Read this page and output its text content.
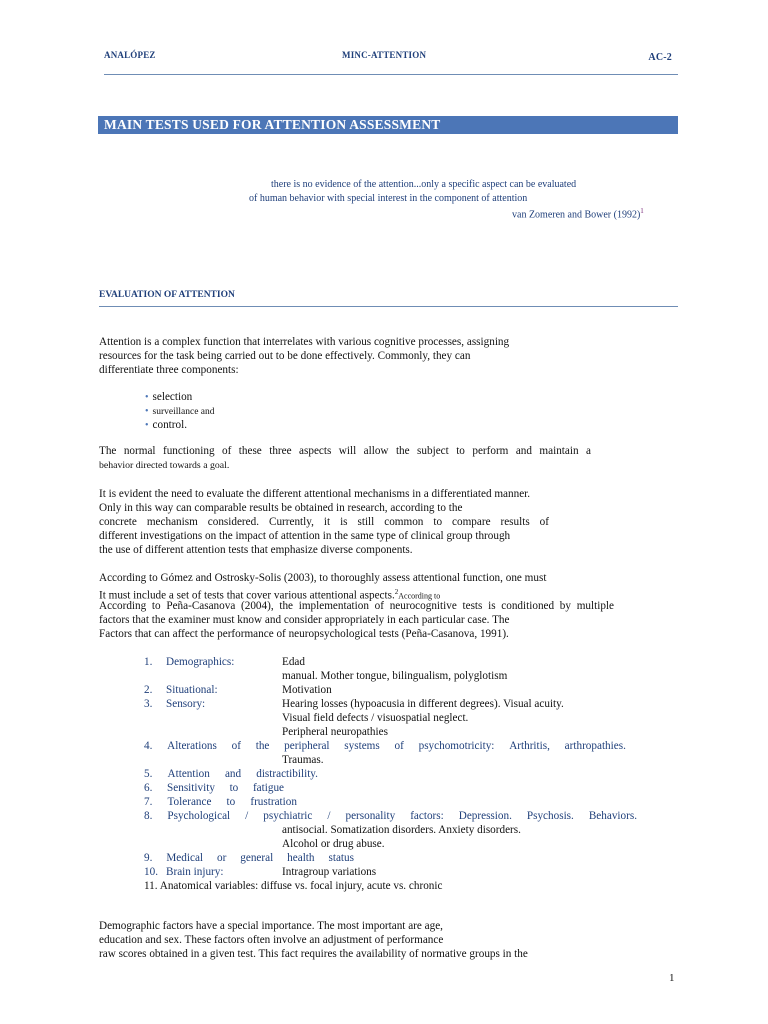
ANALÓPEZ	MINC-ATTENTION	AC-2
MAIN TESTS USED FOR ATTENTION ASSESSMENT
there is no evidence of the attention...only a specific aspect can be evaluated
of human behavior with special interest in the component of attention
van Zomeren and Bower $(1992)^1$
EVALUATION OF ATTENTION
Attention is a complex function that interrelates with various cognitive processes, assigning
resources for the task being carried out to be done effectively. Commonly, they can
differentiate three components:
• selection
• surveillance and
• control.
The normal functioning of these three aspects will allow the subject to perform and maintain a
behavior directed towards a goal.
It is evident the need to evaluate the different attentional mechanisms in a differentiated manner.
Only in this way can comparable results be obtained in research, according to the
concrete mechanism considered. Currently, it is still common to compare results of
different investigations on the impact of attention in the same type of clinical group through
the use of different attention tests that emphasize diverse components.
According to Gómez and Ostrosky-Solis (2003), to thoroughly assess attentional function, one must
It must include a set of tests that cover various attentional aspects.$^2$According to
According to Peña-Casanova (2004), the implementation of neurocognitive tests is conditioned by multiple
factors that the examiner must know and consider appropriately in each particular case. The
Factors that can affect the performance of neuropsychological tests (Peña-Casanova, 1991).
1. Demographics:	Edad
manual. Mother tongue, bilingualism, polyglotism
2. Situational:	Motivation
3. Sensory:	Hearing losses (hypoacusia in different degrees). Visual acuity.
Visual field defects / visuospatial neglect.
Peripheral neuropathies
4. Alterations of the peripheral systems of psychomotricity: Arthritis, arthropathies.
Traumas.
5. Attention and distractibility.
6. Sensitivity to fatigue
7. Tolerance to frustration
8. Psychological / psychiatric / personality factors: Depression. Psychosis. Behaviors.
antisocial. Somatization disorders. Anxiety disorders.
Alcohol or drug abuse.
9. Medical or general health status
10. Brain injury:	Intragroup variations
11. Anatomical variables: diffuse vs. focal injury, acute vs. chronic
Demographic factors have a special importance. The most important are age,
education and sex. These factors often involve an adjustment of performance
raw scores obtained in a given test. This fact requires the availability of normative groups in the
1
